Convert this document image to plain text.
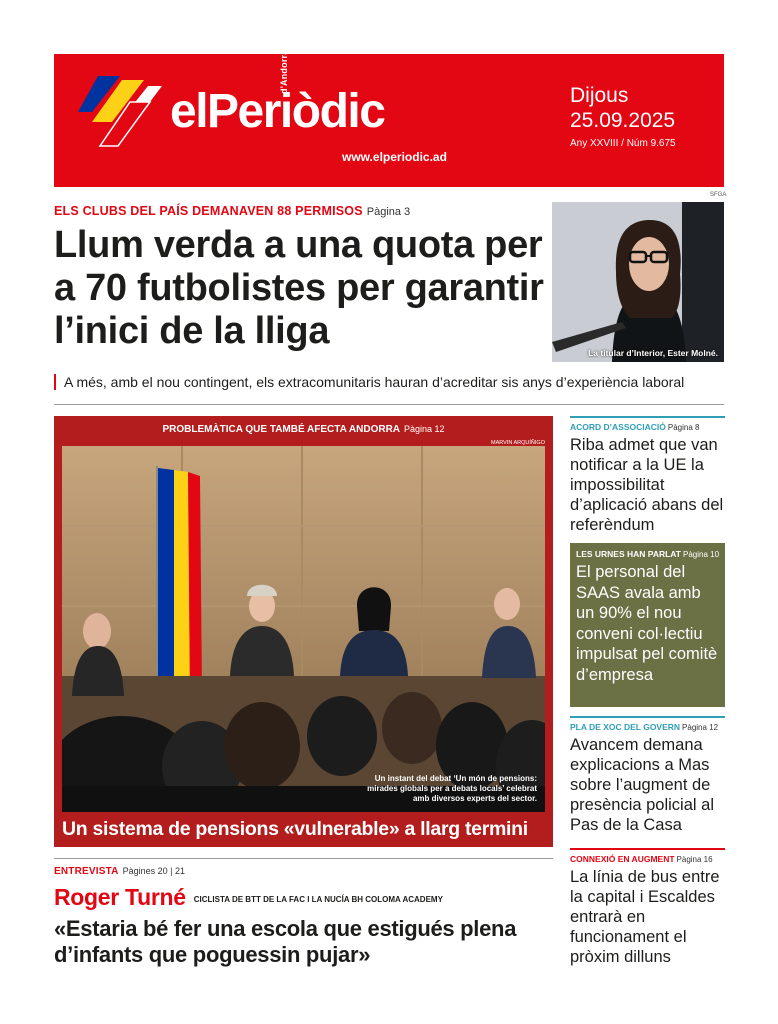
d'Andorra
elPeriòdic
www.elperiodic.ad
Dijous
25.09.2025
Any XXVIII / Núm 9.675
ELS CLUBS DEL PAÍS DEMANAVEN 88 PERMISOS Pàgina 3
Llum verda a una quota per a 70 futbolistes per garantir l’inici de la lliga
SFGA
La titular d’Interior, Ester Molné.
A més, amb el nou contingent, els extracomunitaris hauran d’acreditar sis anys d’experiència laboral
PROBLEMÀTICA QUE TAMBÉ AFECTA ANDORRA Pàgina 12
MARVIN ARQUÍÑIGO
Un instant del debat ‘Un món de pensions: mirades globals per a debats locals’ celebrat amb diversos experts del sector.
Un sistema de pensions «vulnerable» a llarg termini
ENTREVISTA Pàgines 20 | 21
Roger Turné CICLISTA DE BTT DE LA FAC I LA NUCÍA BH COLOMA ACADEMY
«Estaria bé fer una escola que estigués plena d’infants que poguessin pujar»
ACORD D’ASSOCIACIÓ Pàgina 8
Riba admet que van notificar a la UE la impossibilitat d’aplicació abans del referèndum
LES URNES HAN PARLAT Pàgina 10
El personal del SAAS avala amb un 90% el nou conveni col·lectiu impulsat pel comitè d’empresa
PLA DE XOC DEL GOVERN Pàgina 12
Avancem demana explicacions a Mas sobre l’augment de presència policial al Pas de la Casa
CONNEXIÓ EN AUGMENT Pàgina 16
La línia de bus entre la capital i Escaldes entrarà en funcionament el pròxim dilluns
